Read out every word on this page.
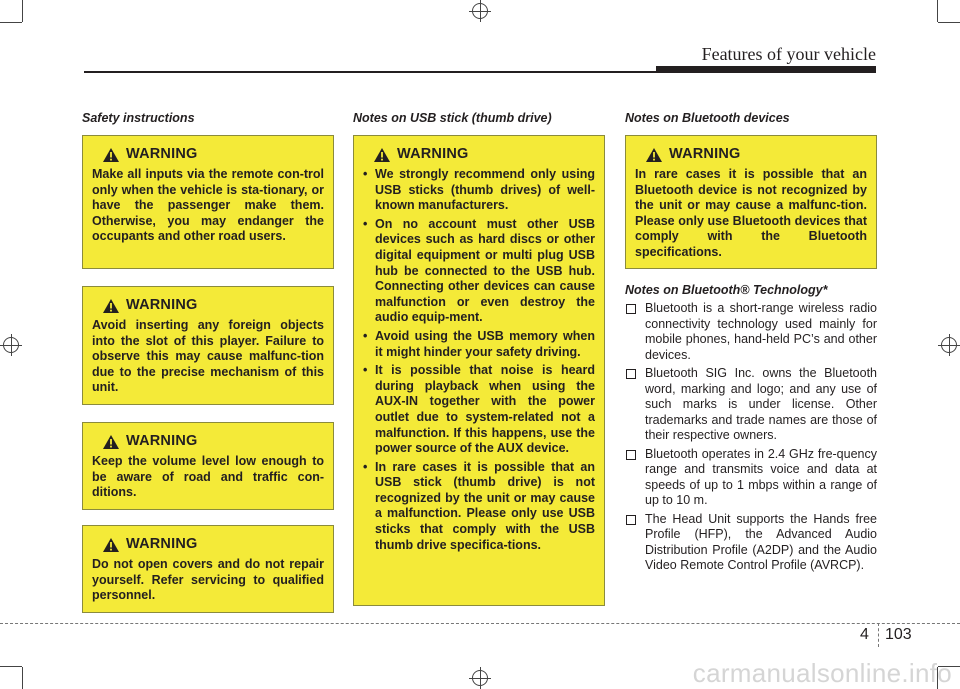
Features of your vehicle
Safety instructions
WARNING
Make all inputs via the remote con-trol only when the vehicle is sta-tionary, or have the passenger make them. Otherwise, you may endanger the occupants and other road users.
WARNING
Avoid inserting any foreign objects into the slot of this player. Failure to observe this may cause malfunc-tion due to the precise mechanism of this unit.
WARNING
Keep the volume level low enough to be aware of road and traffic con-ditions.
WARNING
Do not open covers and do not repair yourself. Refer servicing to qualified personnel.
Notes on USB stick (thumb drive)
WARNING
• We strongly recommend only using USB sticks (thumb drives) of well-known manufacturers.
• On no account must other USB devices such as hard discs or other digital equipment or multi plug USB hub be connected to the USB hub. Connecting other devices can cause malfunction or even destroy the audio equip-ment.
• Avoid using the USB memory when it might hinder your safety driving.
• It is possible that noise is heard during playback when using the AUX-IN together with the power outlet due to system-related not a malfunction. If this happens, use the power source of the AUX device.
• In rare cases it is possible that an USB stick (thumb drive) is not recognized by the unit or may cause a malfunction. Please only use USB sticks that comply with the USB thumb drive specifica-tions.
Notes on Bluetooth devices
WARNING
In rare cases it is possible that an Bluetooth device is not recognized by the unit or may cause a malfunc-tion. Please only use Bluetooth devices that comply with the Bluetooth specifications.
Notes on Bluetooth® Technology*
Bluetooth is a short-range wireless radio connectivity technology used mainly for mobile phones, hand-held PC’s and other devices.
Bluetooth SIG Inc. owns the Bluetooth word, marking and logo; and any use of such marks is under license. Other trademarks and trade names are those of their respective owners.
Bluetooth operates in 2.4 GHz fre-quency range and transmits voice and data at speeds of up to 1 mbps within a range of up to 10 m.
The Head Unit supports the Hands free Profile (HFP), the Advanced Audio Distribution Profile (A2DP) and the Audio Video Remote Control Profile (AVRCP).
4 103
carmanualsonline.info
